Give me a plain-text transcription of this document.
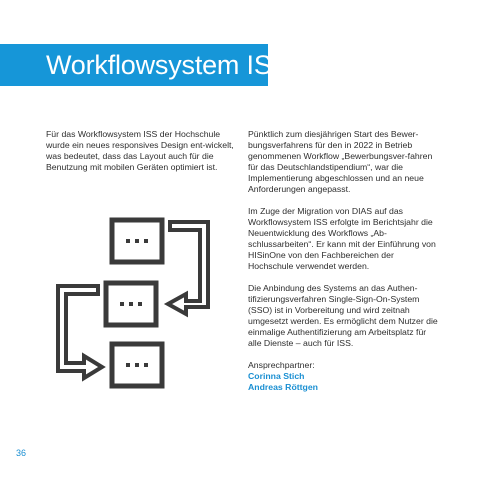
Workflowsystem ISS

Für das Workflowsystem ISS der Hochschule wurde ein neues responsives Design ent-wickelt, was bedeutet, dass das Layout auch für die Benutzung mit mobilen Geräten optimiert ist.

Pünktlich zum diesjährigen Start des Bewer-bungsverfahrens für den in 2022 in Betrieb genommenen Workflow „Bewerbungsver-fahren für das Deutschlandstipendium“, war die Implementierung abgeschlossen und an neue Anforderungen angepasst.

Im Zuge der Migration von DIAS auf das Workflowsystem ISS erfolgte im Berichtsjahr die Neuentwicklung des Workflows „Ab-schlussarbeiten“. Er kann mit der Einführung von HISinOne von den Fachbereichen der Hochschule verwendet werden.

Die Anbindung des Systems an das Authen-tifizierungsverfahren Single-Sign-On-System (SSO) ist in Vorbereitung und wird zeitnah umgesetzt werden. Es ermöglicht dem Nutzer die einmalige Authentifizierung am Arbeitsplatz für alle Dienste – auch für ISS.

Ansprechpartner:
Corinna Stich
Andreas Röttgen
36
